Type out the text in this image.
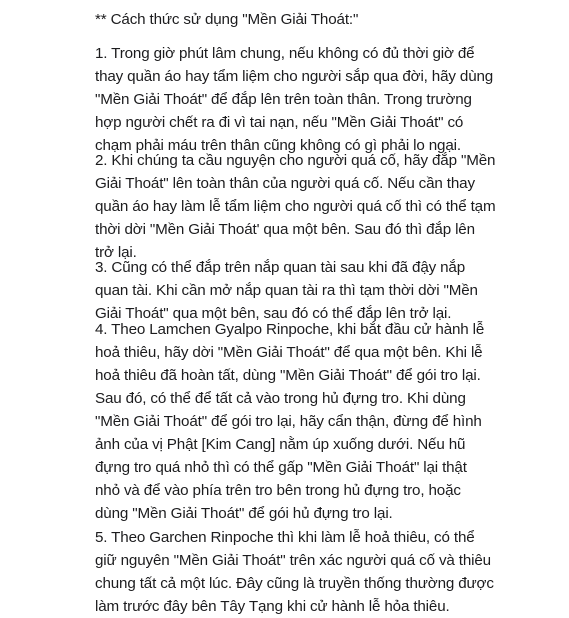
** Cách thức sử dụng "Mền Giải Thoát:"

1. Trong giờ phút lâm chung, nếu không có đủ thời giờ để
thay quần áo hay tẩm liệm cho người sắp qua đời, hãy dùng
"Mền Giải Thoát" để đắp lên trên toàn thân. Trong trường
hợp người chết ra đi vì tai nạn, nếu "Mền Giải Thoát" có
chạm phải máu trên thân cũng không có gì phải lo ngại.

2. Khi chúng ta cầu nguyện cho người quá cố, hãy đắp "Mền
Giải Thoát" lên toàn thân của người quá cố. Nếu cần thay
quần áo hay làm lễ tẩm liệm cho người quá cố thì có thể tạm
thời dời "Mền Giải Thoát' qua một bên. Sau đó thì đắp lên
trở lại.

3. Cũng có thể đắp trên nắp quan tài sau khi đã đậy nắp
quan tài. Khi cần mở nắp quan tài ra thì tạm thời dời "Mền
Giải Thoát" qua một bên, sau đó có thể đắp lên trở lại.

4. Theo Lamchen Gyalpo Rinpoche, khi bắt đầu cử hành lễ
hoả thiêu, hãy dời "Mền Giải Thoát" để qua một bên. Khi lễ
hoả thiêu đã hoàn tất, dùng "Mền Giải Thoát" để gói tro lại.
Sau đó, có thể để tất cả vào trong hủ đựng tro. Khi dùng
"Mền Giải Thoát" để gói tro lại, hãy cẩn thận, đừng để hình
ảnh của vị Phật [Kim Cang] nằm úp xuống dưới. Nếu hũ
đựng tro quá nhỏ thì có thể gấp "Mền Giải Thoát" lại thật
nhỏ và để vào phía trên tro bên trong hủ đựng tro, hoặc
dùng "Mền Giải Thoát" để gói hủ đựng tro lại.

5. Theo Garchen Rinpoche thì khi làm lễ hoả thiêu, có thể
giữ nguyên "Mền Giải Thoát" trên xác người quá cố và thiêu
chung tất cả một lúc. Đây cũng là truyền thống thường được
làm trước đây bên Tây Tạng khi cử hành lễ hỏa thiêu.
